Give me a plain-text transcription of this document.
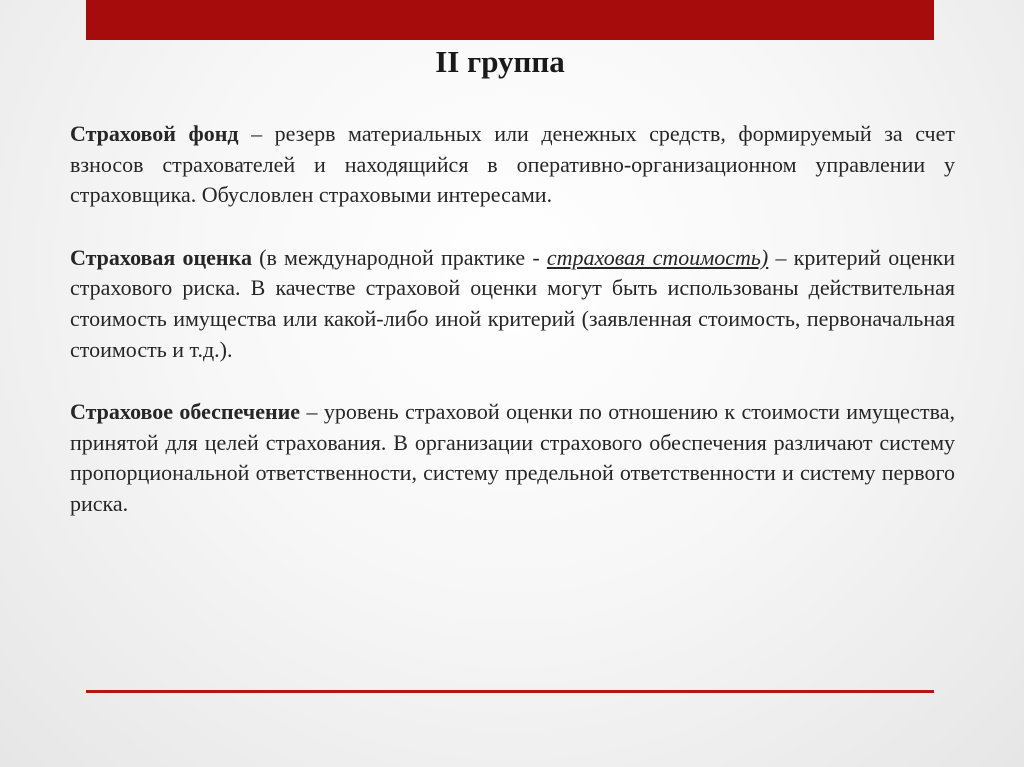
II группа

Страховой фонд – резерв материальных или денежных средств, формируемый за счет взносов страхователей и находящийся в оперативно-организационном управлении у страховщика. Обусловлен страховыми интересами.

Страховая оценка (в международной практике - страховая стоимость) – критерий оценки страхового риска. В качестве страховой оценки могут быть использованы действительная стоимость имущества или какой-либо иной критерий (заявленная стоимость, первоначальная стоимость и т.д.).

Страховое обеспечение – уровень страховой оценки по отношению к стоимости имущества, принятой для целей страхования. В организации страхового обеспечения различают систему пропорциональной ответственности, систему предельной ответственности и систему первого риска.
